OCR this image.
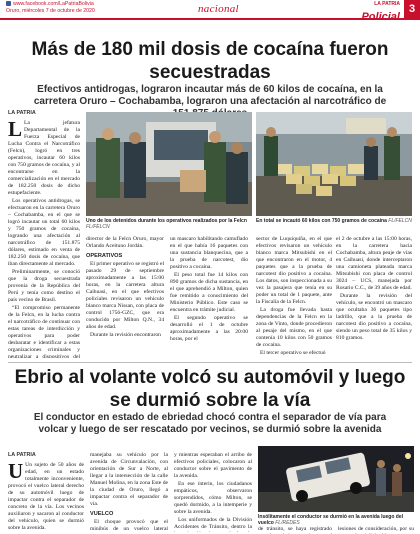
www.facebook.com/LaPatriaBolivia
Oruro, miércoles 7 de octubre de 2020	nacional	LA PATRIA
Policial
3
Más de 180 mil dosis de cocaína fueron secuestradas
Efectivos antidrogas, lograron incautar más de 60 kilos de cocaína, en la carretera Oruro – Cochabamba, lograron una afectación al narcotráfico de

LA PATRIA

L La jefatura Departamental de la Fuerza Especial de Lucha Contra el Narcotráfico (Felcn), logró en tres operativos, incautar 60 kilos con 750 gramos de cocaína, y al encontrarse en la comercialización en el mercado de 182.250 dosis de dicho estupefaciente.

Los operativos antidrogas, se efectuaron en la carretera Oruro – Cochabamba, en el que se logró incautar un total 60 kilos y 750 gramos de cocaína, logrando una afectación al narcotráfico de 151.875 dólares, estimado en venta de 182.250 dosis de cocaína, que iban directamente al mercado.

Preliminarmente, se conoció que la droga secuestrada provenía de la República del Perú y tenía como destino el país vecino de Brasil.

“El compromiso permanente de la Felcn, en la lucha contra el narcotráfico de continuar con estas tareas de interdicción y operativos para poder desbaratar e identificar a estas organizaciones criminales y neutralizar a dispositivos del

Uno de los detenidos durante los operativos realizados por la Felcn FL/FELCN
En total se incautó 60 kilos con 750 gramos de cocaína FL/FELCN

director de la Felcn Oruro, mayor Orlando Aceituno Jordán.

OPERATIVOS

El primer operativo se registró el pasado 29 de septiembre aproximadamente a las 15:00 horas, en la carretera altura Caihuasi, en el que efectivos policiales revisaron un vehículo blanco marca Nissan, con placa de control 1756-GZC, que era conducido por Milton Q.N., 34 años de edad.

Durante la revisión encontraron

un mascaro habilitando camuflado en el que había 16 paquetes con una sustancia blanquecina, que a la prueba de narcotest, dio positivo a cocaína.

El peso total fue 14 kilos con 890 gramos de dicha sustancia, en el que aprehendió a Milton, quien fue remitido a conocimiento del Ministerio Público. Este caso se encuentra en trámite judicial.

El segundo operativo se desarrolló el 1 de octubre aproximadamente a las 20:00 horas, por el

sector de Luquiquiña, en el que efectivos revisaron un vehículo blanco marca Mitsubishi en el que encontraron en el motor, 4 paquetes que a la prueba de narcotest dio positivo a cocaína. Los datos, son inspeccionada a su vez la pasajera que tenía en su poder un total de 1 paquete, ante la Fiscalía de la Felcn.

La droga fue llevada hasta dependencias de la Felcn en la zona de Vinto, donde procedieron al pesaje del mismo, en el que contenía 10 kilos con 50 gramos de cocaína.

El tercer operativo se efectuó

el 2 de octubre a las 15:00 horas, en la carretera hacia Cochabamba, altura peaje de vías en Caihuasi, donde interceptaron una camioneta plateada marca Mitsubishi con placa de control 3024 – UCS, manejada por Rosario C.C., de 39 años de edad.

Durante la revisión del vehículo, se encontró un mascaro que ocultaba 36 paquetes tipo ladrillo, que a la prueba de narcotest dio positivo a cocaína, siendo un peso total de 35 kilos y 810 gramos.

Ebrio al volante volcó su automóvil y luego se durmió sobre la vía
El conductor en estado de ebriedad chocó contra el separador de vía para volcar y luego de ser rescatado por vecinos, se durmió sobre la avenida

LA PATRIA

U Un sujeto de 50 años de edad, en un estado totalmente inconveniente, provocó el vuelco lateral derecho de su automóvil luego de impactar contra el separador de concreto de la vía. Los vecinos auxiliaron y sacaron al conductor del vehículo, quien se durmió sobre la avenida.

manejaba su vehículo por la avenida de Circunvalación, con orientación de Sur a Norte, al llegar a la intersección de la calle Manuel Molina, en la zona Este de la ciudad de Oruro, llegó a impactar contra el separador de vía.

VUELCO

El choque provocó que el minibús de un vuelco lateral

y mientras esperaban el arribo de efectivos policiales, colocaron al conductor sobre el pavimento de la avenida.

En ese ínterin, los ciudadanos empáticos, observaron sorprendidos, cómo Milton, se quedó dormido, a la intemperie y sobre la avenida.

Los uniformados de la División Accidentes de Tránsito, dentro la

Insólitamente el conductor se durmió en la avenida luego del vuelco FL/REDES

de tránsito, se haya registrado lesiones de consideración, por su
